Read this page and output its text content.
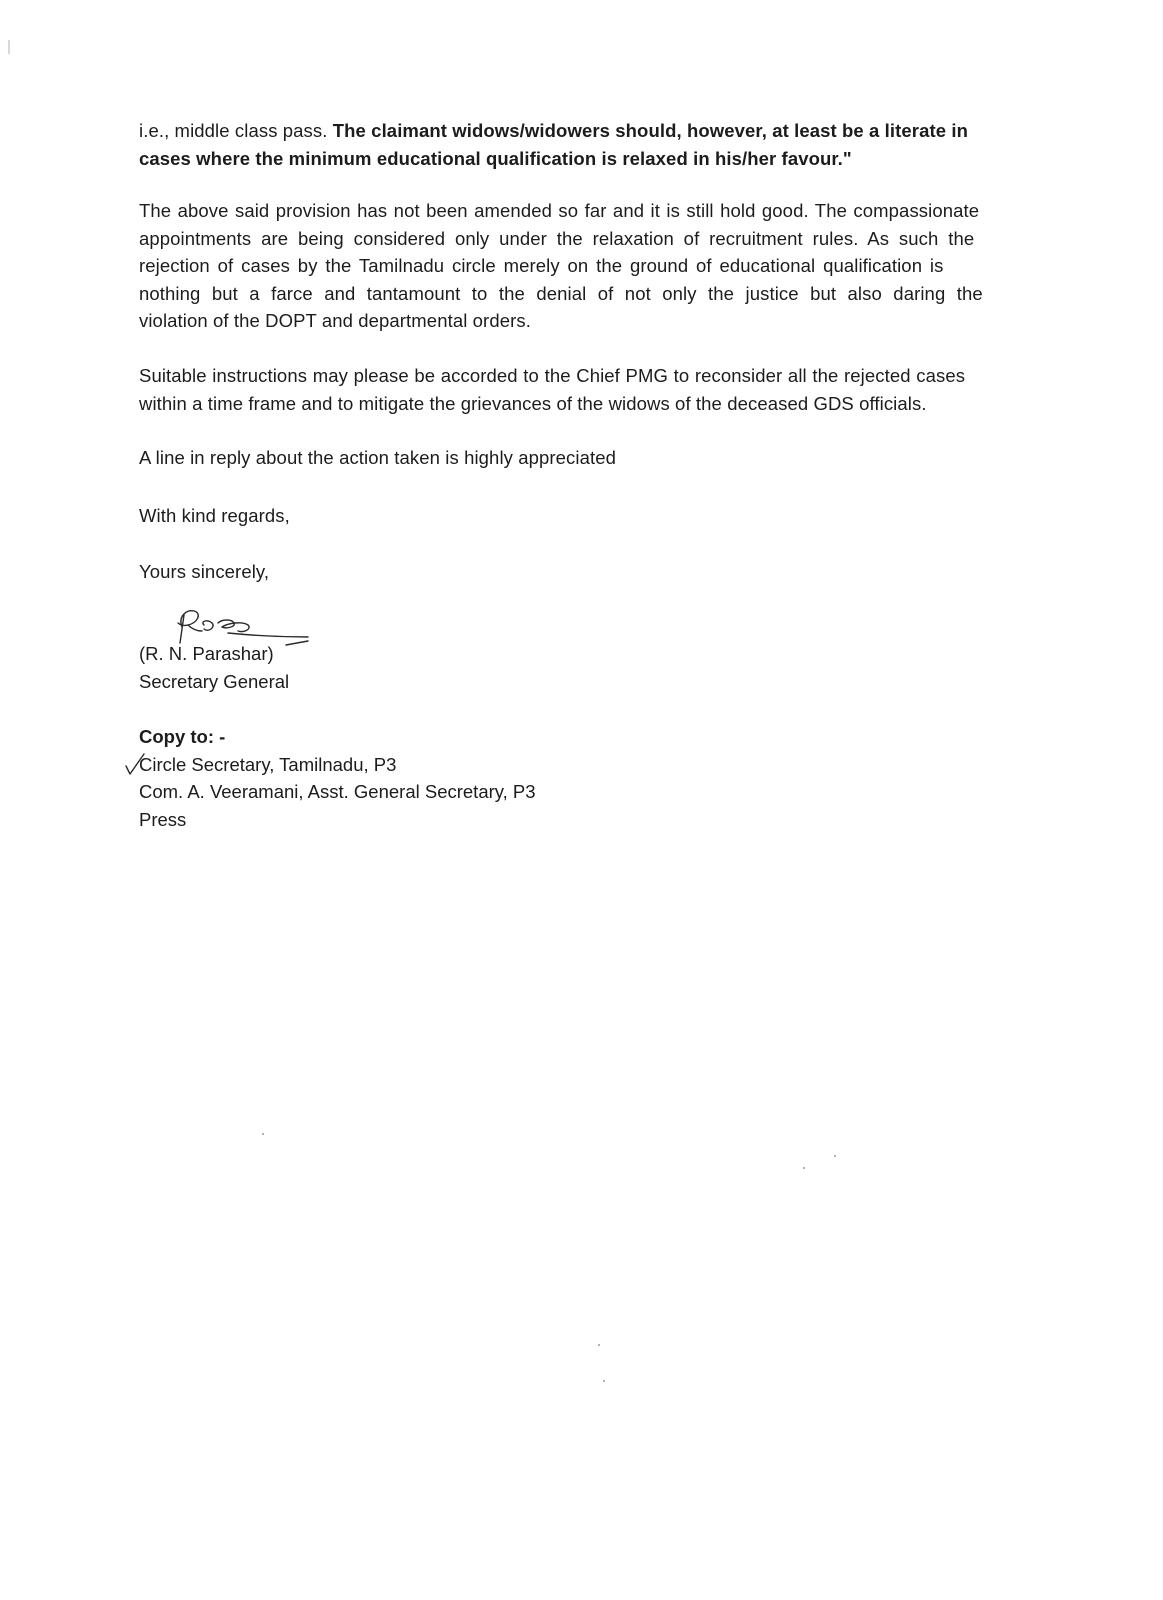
i.e., middle class pass. The claimant widows/widowers should, however, at least be a literate in
cases where the minimum educational qualification is relaxed in his/her favour."
The above said provision has not been amended so far and it is still hold good. The compassionate
appointments are being considered only under the relaxation of recruitment rules. As such the
rejection of cases by the Tamilnadu circle merely on the ground of educational qualification is
nothing but a farce and tantamount to the denial of not only the justice but also daring the
violation of the DOPT and departmental orders.
Suitable instructions may please be accorded to the Chief PMG to reconsider all the rejected cases
within a time frame and to mitigate the grievances of the widows of the deceased GDS officials.
A line in reply about the action taken is highly appreciated
With kind regards,
Yours sincerely,
(R. N. Parashar)
Secretary General
Copy to: -
Circle Secretary, Tamilnadu, P3
Com. A. Veeramani, Asst. General Secretary, P3
Press
